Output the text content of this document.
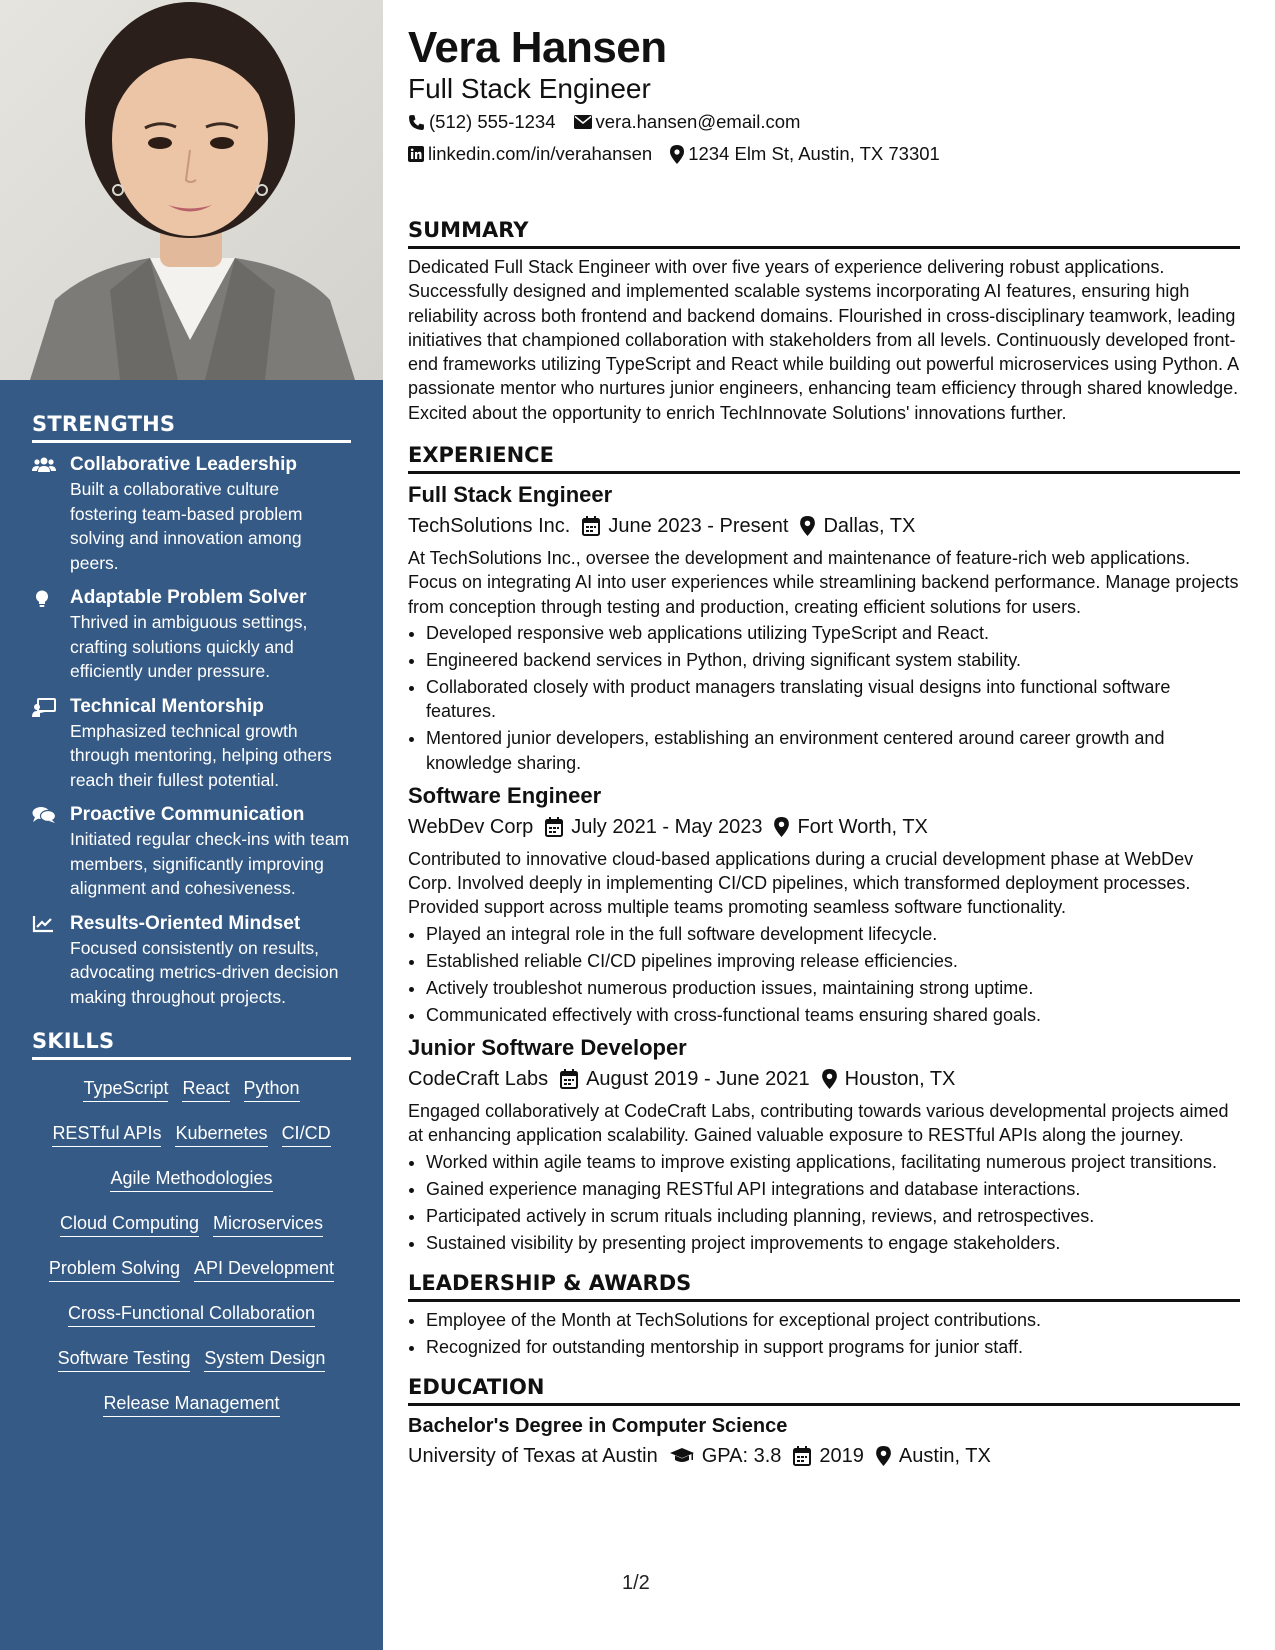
STRENGTHS
Collaborative Leadership
Built a collaborative culture fostering team-based problem solving and innovation among peers.
Adaptable Problem Solver
Thrived in ambiguous settings, crafting solutions quickly and efficiently under pressure.
Technical Mentorship
Emphasized technical growth through mentoring, helping others reach their fullest potential.
Proactive Communication
Initiated regular check-ins with team members, significantly improving alignment and cohesiveness.
Results-Oriented Mindset
Focused consistently on results, advocating metrics-driven decision making throughout projects.
SKILLS
TypeScript React Python
RESTful APIs Kubernetes CI/CD
Agile Methodologies
Cloud Computing Microservices
Problem Solving API Development
Cross-Functional Collaboration
Software Testing System Design
Release Management
Vera Hansen
Full Stack Engineer
(512) 555-1234 vera.hansen@email.com
linkedin.com/in/verahansen 1234 Elm St, Austin, TX 73301
SUMMARY

Dedicated Full Stack Engineer with over five years of experience delivering robust applications. Successfully designed and implemented scalable systems incorporating AI features, ensuring high reliability across both frontend and backend domains. Flourished in cross-disciplinary teamwork, leading initiatives that championed collaboration with stakeholders from all levels. Continuously developed front-end frameworks utilizing TypeScript and React while building out powerful microservices using Python. A passionate mentor who nurtures junior engineers, enhancing team efficiency through shared knowledge. Excited about the opportunity to enrich TechInnovate Solutions' innovations further.

EXPERIENCE
Full Stack Engineer
TechSolutions Inc. June 2023 - Present Dallas, TX

At TechSolutions Inc., oversee the development and maintenance of feature-rich web applications. Focus on integrating AI into user experiences while streamlining backend performance. Manage projects from conception through testing and production, creating efficient solutions for users.

• Developed responsive web applications utilizing TypeScript and React.
• Engineered backend services in Python, driving significant system stability.
• Collaborated closely with product managers translating visual designs into functional software features.
• Mentored junior developers, establishing an environment centered around career growth and knowledge sharing.
Software Engineer
WebDev Corp July 2021 - May 2023 Fort Worth, TX

Contributed to innovative cloud-based applications during a crucial development phase at WebDev Corp. Involved deeply in implementing CI/CD pipelines, which transformed deployment processes. Provided support across multiple teams promoting seamless software functionality.

• Played an integral role in the full software development lifecycle.
• Established reliable CI/CD pipelines improving release efficiencies.
• Actively troubleshot numerous production issues, maintaining strong uptime.
• Communicated effectively with cross-functional teams ensuring shared goals.
Junior Software Developer
CodeCraft Labs August 2019 - June 2021 Houston, TX

Engaged collaboratively at CodeCraft Labs, contributing towards various developmental projects aimed at enhancing application scalability. Gained valuable exposure to RESTful APIs along the journey.

• Worked within agile teams to improve existing applications, facilitating numerous project transitions.
• Gained experience managing RESTful API integrations and database interactions.
• Participated actively in scrum rituals including planning, reviews, and retrospectives.
• Sustained visibility by presenting project improvements to engage stakeholders.
LEADERSHIP & AWARDS
• Employee of the Month at TechSolutions for exceptional project contributions.
• Recognized for outstanding mentorship in support programs for junior staff.
EDUCATION
Bachelor's Degree in Computer Science
University of Texas at Austin GPA: 3.8 2019 Austin, TX
1/2
